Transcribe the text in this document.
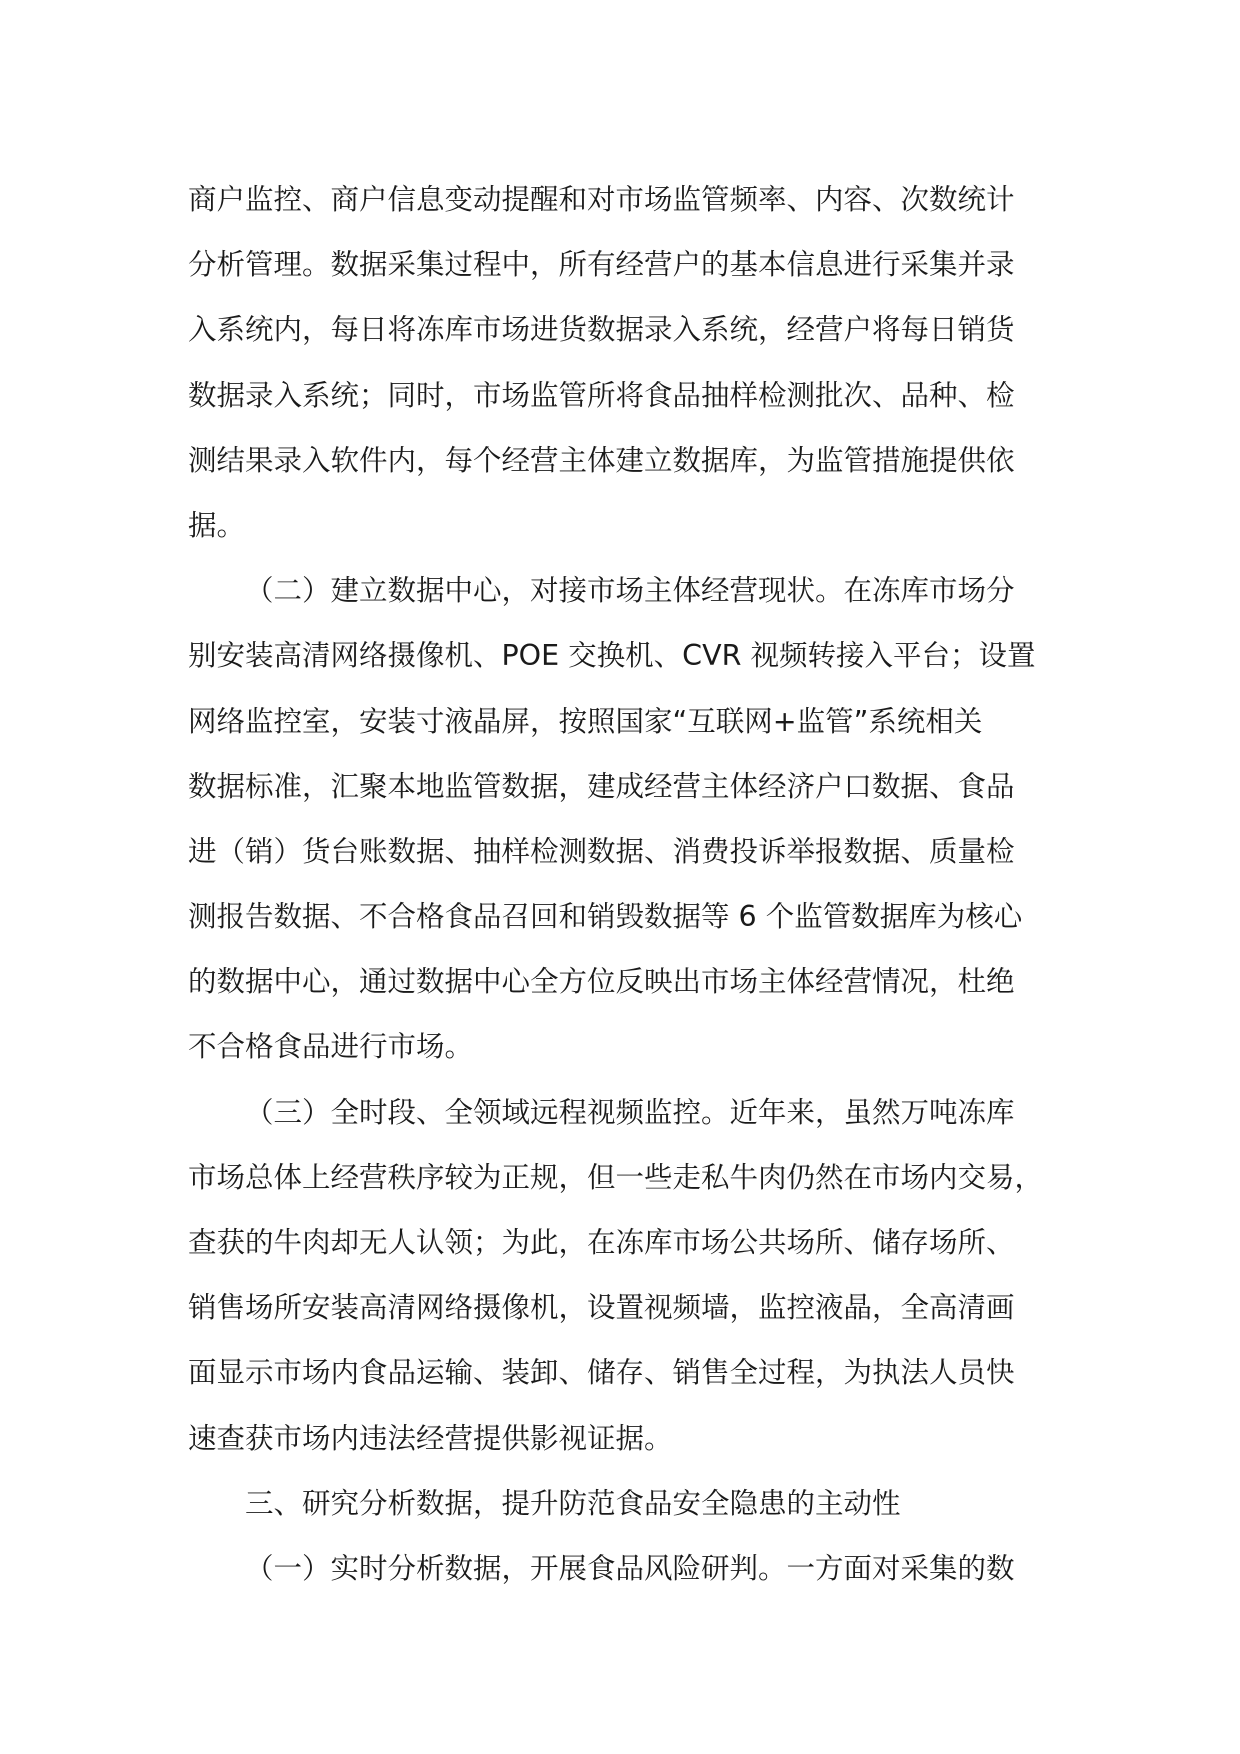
商户监控、商户信息变动提醒和对市场监管频率、内容、次数统计
分析管理。数据采集过程中，所有经营户的基本信息进行采集并录
入系统内，每日将冻库市场进货数据录入系统，经营户将每日销货
数据录入系统；同时，市场监管所将食品抽样检测批次、品种、检
测结果录入软件内，每个经营主体建立数据库，为监管措施提供依
据。
（二）建立数据中心，对接市场主体经营现状。在冻库市场分
别安装高清网络摄像机、POE 交换机、CVR 视频转接入平台；设置
网络监控室，安装寸液晶屏，按照国家“互联网+监管”系统相关
数据标准，汇聚本地监管数据，建成经营主体经济户口数据、食品
进（销）货台账数据、抽样检测数据、消费投诉举报数据、质量检
测报告数据、不合格食品召回和销毁数据等 6 个监管数据库为核心
的数据中心，通过数据中心全方位反映出市场主体经营情况，杜绝
不合格食品进行市场。
（三）全时段、全领域远程视频监控。近年来，虽然万吨冻库
市场总体上经营秩序较为正规，但一些走私牛肉仍然在市场内交易，
查获的牛肉却无人认领；为此，在冻库市场公共场所、储存场所、
销售场所安装高清网络摄像机，设置视频墙，监控液晶，全高清画
面显示市场内食品运输、装卸、储存、销售全过程，为执法人员快
速查获市场内违法经营提供影视证据。
三、研究分析数据，提升防范食品安全隐患的主动性
（一）实时分析数据，开展食品风险研判。一方面对采集的数
